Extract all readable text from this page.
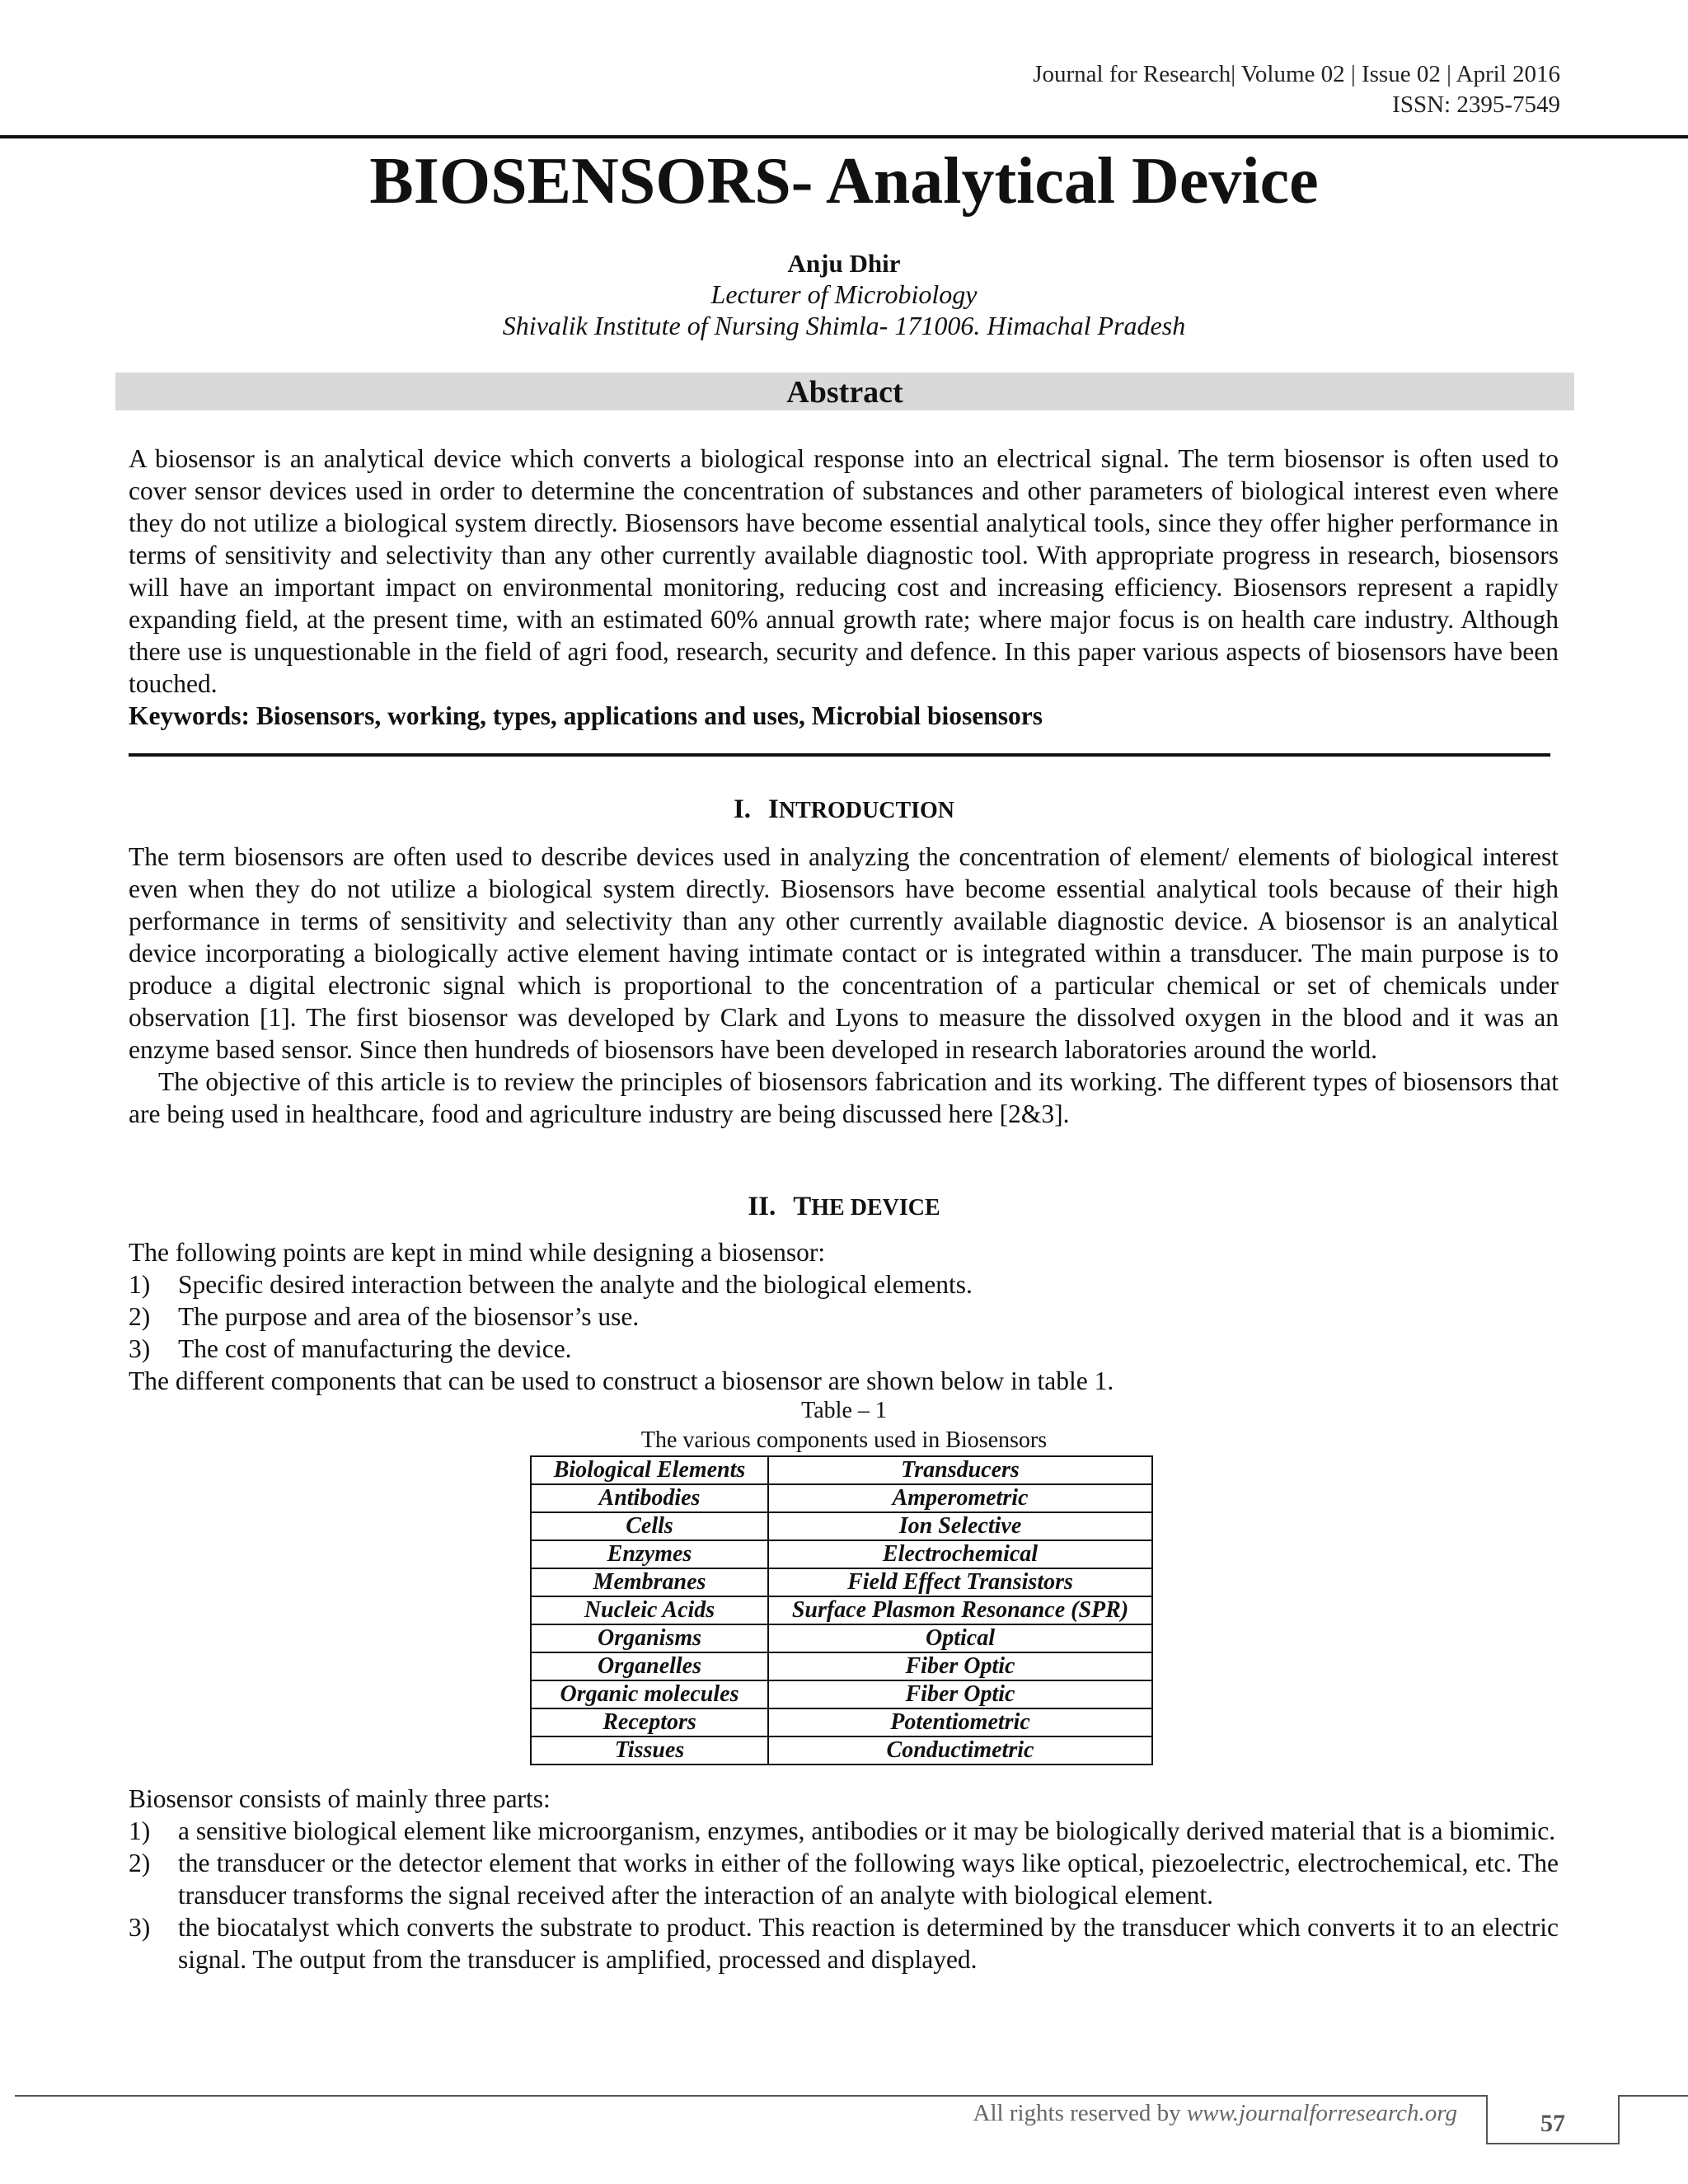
Journal for Research| Volume 02 | Issue 02 | April 2016
ISSN: 2395-7549
BIOSENSORS- Analytical Device
Anju Dhir
Lecturer of Microbiology
Shivalik Institute of Nursing Shimla- 171006. Himachal Pradesh
Abstract

A biosensor is an analytical device which converts a biological response into an electrical signal. The term biosensor is often used to cover sensor devices used in order to determine the concentration of substances and other parameters of biological interest even where they do not utilize a biological system directly. Biosensors have become essential analytical tools, since they offer higher performance in terms of sensitivity and selectivity than any other currently available diagnostic tool. With appropriate progress in research, biosensors will have an important impact on environmental monitoring, reducing cost and increasing efficiency. Biosensors represent a rapidly expanding field, at the present time, with an estimated 60% annual growth rate; where major focus is on health care industry. Although there use is unquestionable in the field of agri food, research, security and defence. In this paper various aspects of biosensors have been touched.

Keywords: Biosensors, working, types, applications and uses, Microbial biosensors

I. INTRODUCTION

The term biosensors are often used to describe devices used in analyzing the concentration of element/ elements of biological interest even when they do not utilize a biological system directly. Biosensors have become essential analytical tools because of their high performance in terms of sensitivity and selectivity than any other currently available diagnostic device. A biosensor is an analytical device incorporating a biologically active element having intimate contact or is integrated within a transducer. The main purpose is to produce a digital electronic signal which is proportional to the concentration of a particular chemical or set of chemicals under observation [1]. The first biosensor was developed by Clark and Lyons to measure the dissolved oxygen in the blood and it was an enzyme based sensor. Since then hundreds of biosensors have been developed in research laboratories around the world.

The objective of this article is to review the principles of biosensors fabrication and its working. The different types of biosensors that are being used in healthcare, food and agriculture industry are being discussed here [2&3].

II. THE DEVICE
The following points are kept in mind while designing a biosensor:
1) Specific desired interaction between the analyte and the biological elements.
2) The purpose and area of the biosensor’s use.
3) The cost of manufacturing the device.
The different components that can be used to construct a biosensor are shown below in table 1.
Table – 1
The various components used in Biosensors
Biological Elements	Transducers
Antibodies	Amperometric
Cells	Ion Selective
Enzymes	Electrochemical
Membranes	Field Effect Transistors
Nucleic Acids	Surface Plasmon Resonance (SPR)
Organisms	Optical
Organelles	Fiber Optic
Organic molecules	Fiber Optic
Receptors	Potentiometric
Tissues	Conductimetric
Biosensor consists of mainly three parts:
1) a sensitive biological element like microorganism, enzymes, antibodies or it may be biologically derived material that is a biomimic.
2) the transducer or the detector element that works in either of the following ways like optical, piezoelectric, electrochemical, etc. The transducer transforms the signal received after the interaction of an analyte with biological element.
3) the biocatalyst which converts the substrate to product. This reaction is determined by the transducer which converts it to an electric signal. The output from the transducer is amplified, processed and displayed.
All rights reserved by www.journalforresearch.org	57
